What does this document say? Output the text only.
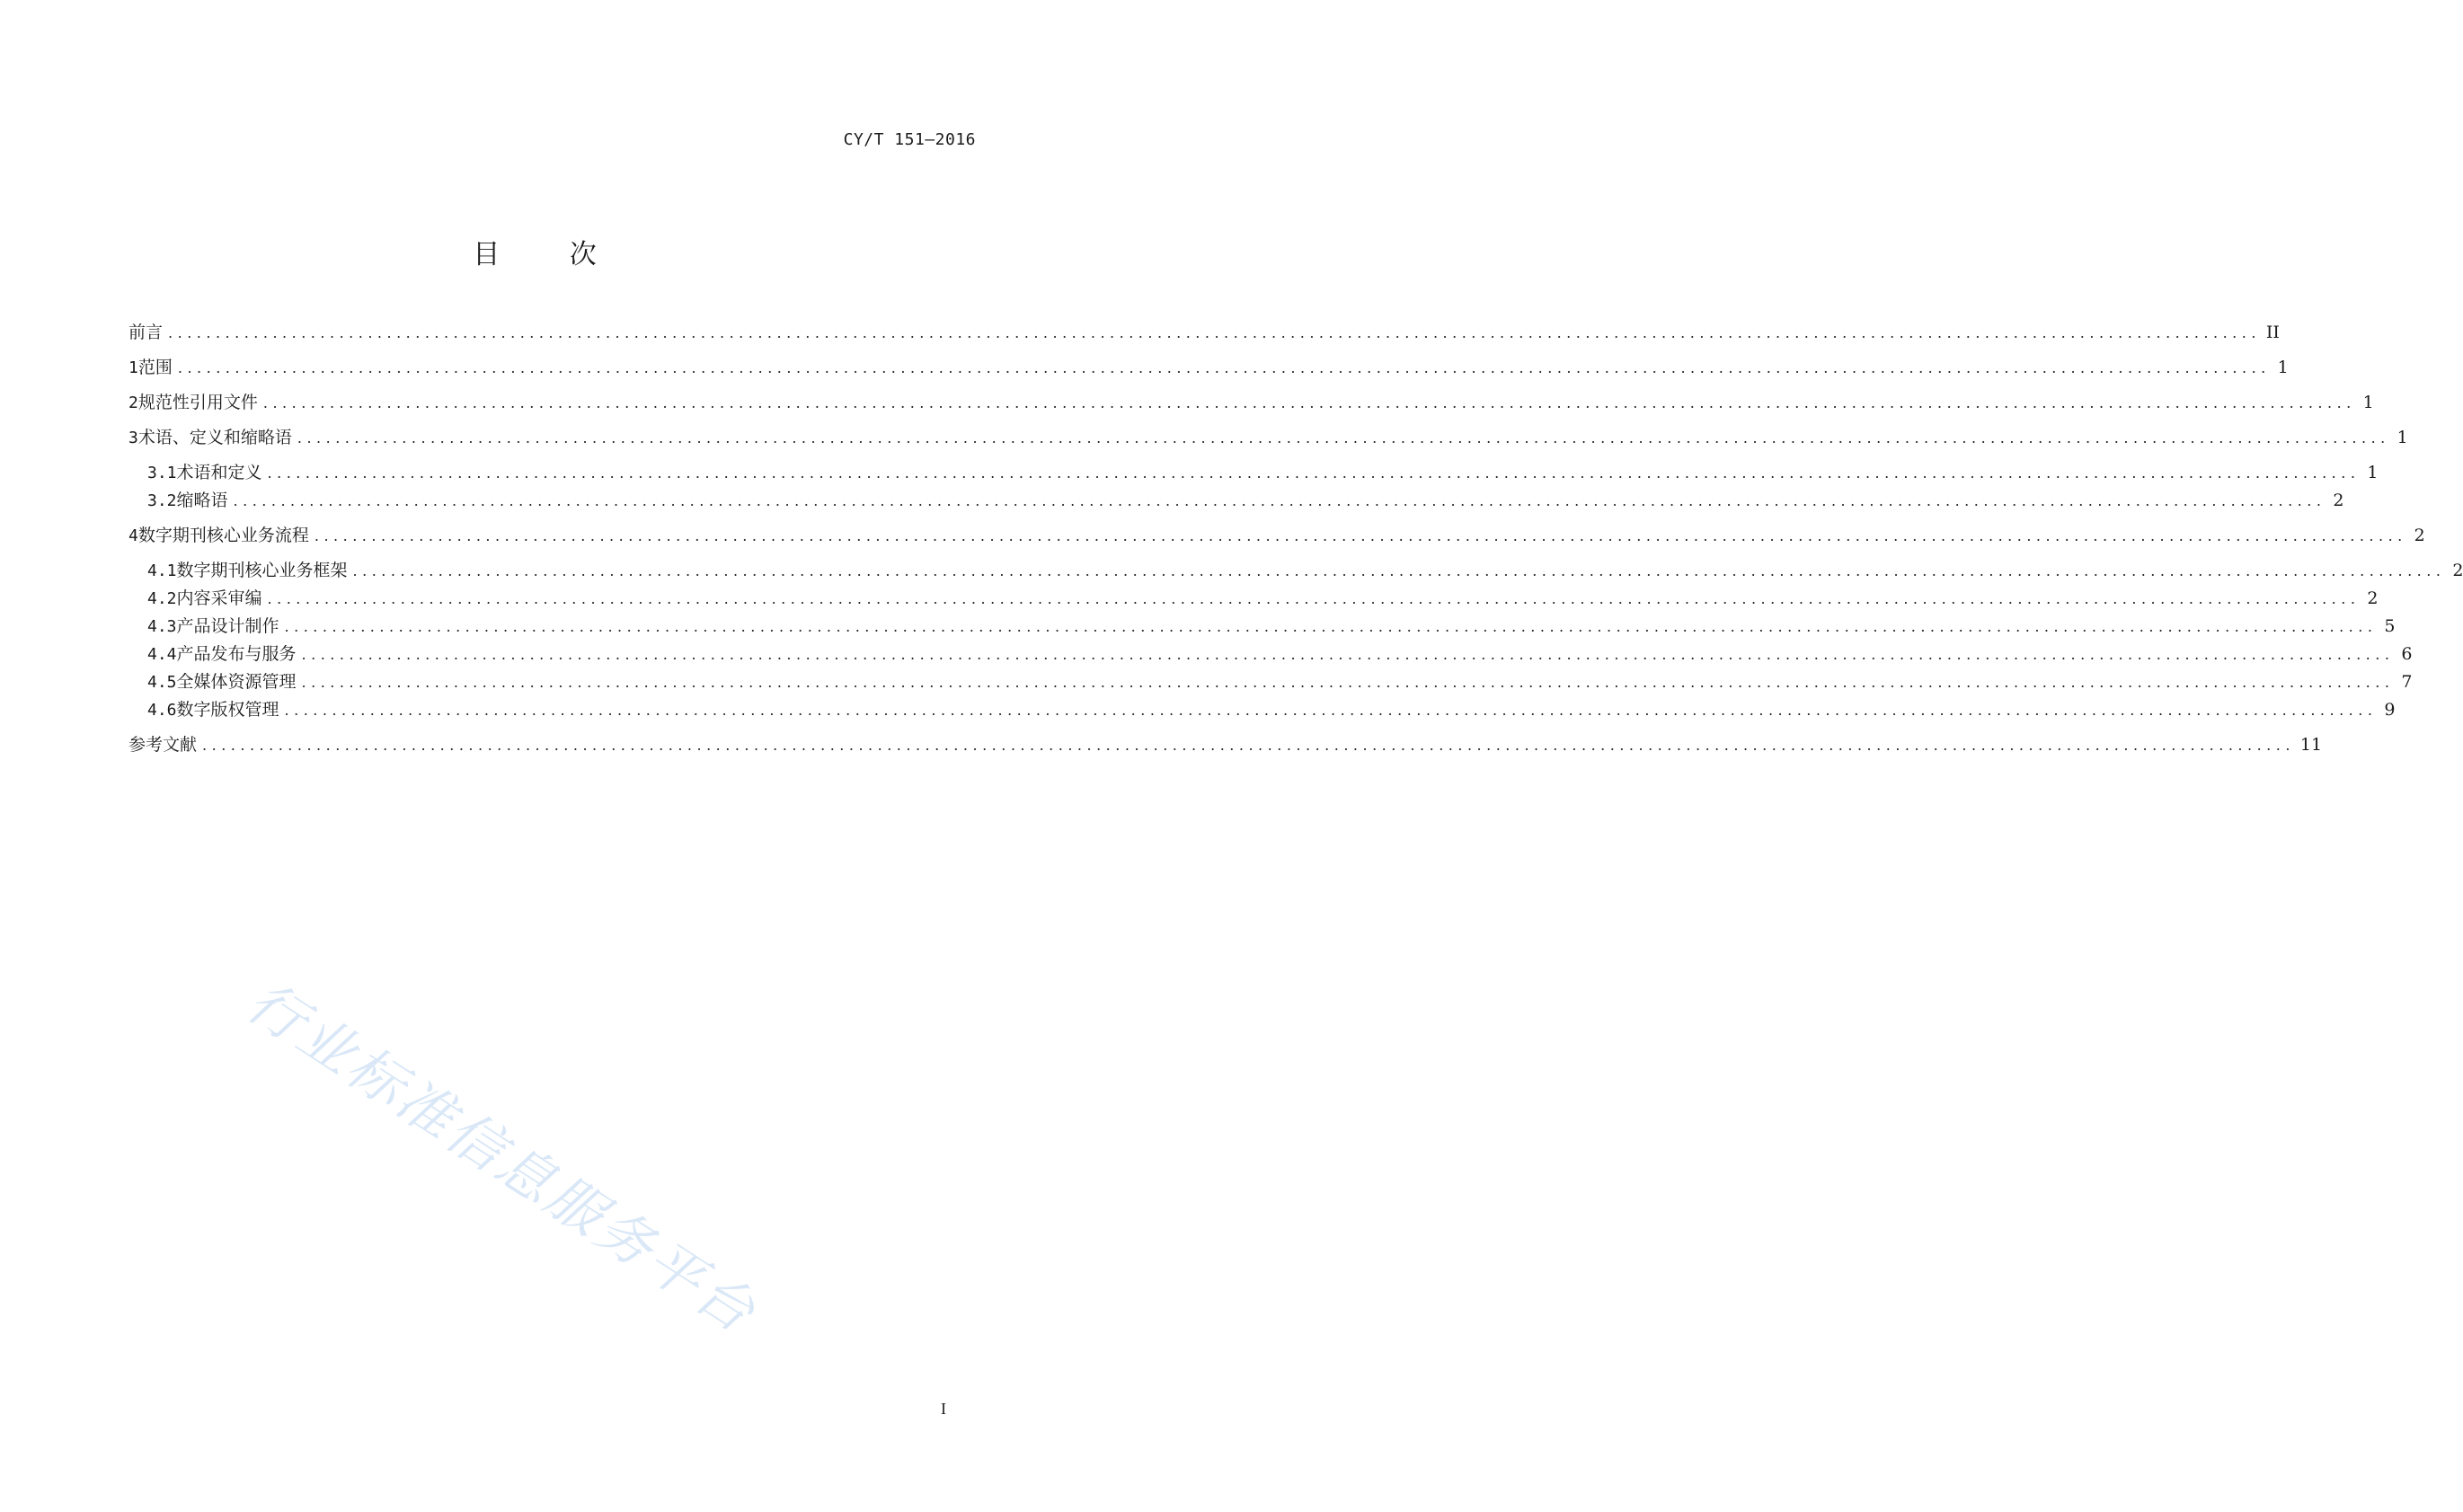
CY/T 151—2016
目 次
前言 ............................................................................................................................................................................................................................ II
1 范围 ............................................................................................................................................................................................................................ 1
2 规范性引用文件 ............................................................................................................................................................................................................................ 1
3 术语、定义和缩略语 ............................................................................................................................................................................................................................ 1
3.1 术语和定义 ............................................................................................................................................................................................................................ 1
3.2 缩略语 ............................................................................................................................................................................................................................ 2
4 数字期刊核心业务流程 ............................................................................................................................................................................................................................ 2
4.1 数字期刊核心业务框架 ............................................................................................................................................................................................................................ 2
4.2 内容采审编 ............................................................................................................................................................................................................................ 2
4.3 产品设计制作 ............................................................................................................................................................................................................................ 5
4.4 产品发布与服务 ............................................................................................................................................................................................................................ 6
4.5 全媒体资源管理 ............................................................................................................................................................................................................................ 7
4.6 数字版权管理 ............................................................................................................................................................................................................................ 9
参考文献 ............................................................................................................................................................................................................................ 11
行业标准信息服务平台
I
